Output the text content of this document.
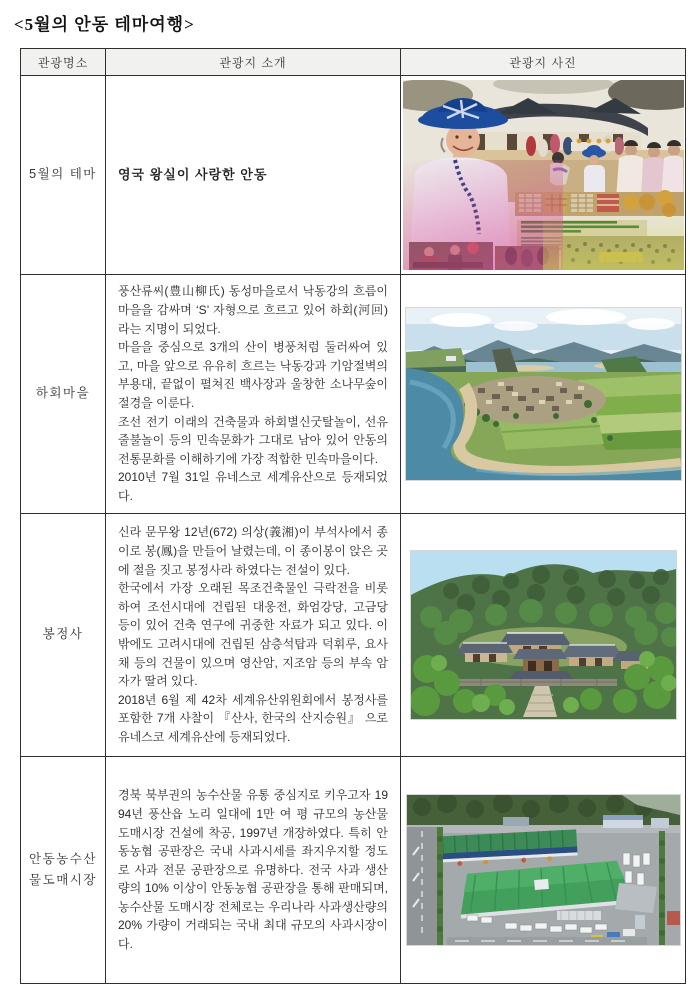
<5월의 안동 테마여행>
관광명소	관광지 소개	관광지 사진
5월의 테마	영국 왕실이 사랑한 안동

하회마을	풍산류씨(豊山柳氏) 동성마을로서 낙동강의 흐름이 마을을 감싸며 ‘S’ 자형으로 흐르고 있어 하회(河回)라는 지명이 되었다.

마을을 중심으로 3개의 산이 병풍처럼 둘러싸여 있고, 마을 앞으로 유유히 흐르는 낙동강과 기암절벽의 부용대, 끝없이 펼쳐진 백사장과 울창한 소나무숲이 절경을 이룬다.

조선 전기 이래의 건축물과 하회별신굿탈놀이, 선유줄불놀이 등의 민속문화가 그대로 남아 있어 안동의 전통문화를 이해하기에 가장 적합한 민속마을이다.

2010년 7월 31일 유네스코 세계유산으로 등재되었다.

봉정사	신라 문무왕 12년(672) 의상(義湘)이 부석사에서 종이로 봉(鳳)을 만들어 날렸는데, 이 종이봉이 앉은 곳에 절을 짓고 봉정사라 하였다는 전설이 있다.

한국에서 가장 오래된 목조건축물인 극락전을 비롯하여 조선시대에 건립된 대웅전, 화엄강당, 고금당 등이 있어 건축 연구에 귀중한 자료가 되고 있다. 이 밖에도 고려시대에 건립된 삼층석탑과 덕휘루, 요사채 등의 건물이 있으며 영산암, 지조암 등의 부속 암자가 딸려 있다.

2018년 6월 제 42차 세계유산위원회에서 봉정사를 포함한 7개 사찰이 『산사, 한국의 산지승원』 으로 유네스코 세계유산에 등재되었다.

안동농수산물도매시장	경북 북부권의 농수산물 유통 중심지로 키우고자 1994년 풍산읍 노리 일대에 1만 여 평 규모의 농산물 도매시장 건설에 착공, 1997년 개장하였다. 특히 안동농협 공판장은 국내 사과시세를 좌지우지할 정도로 사과 전문 공판장으로 유명하다. 전국 사과 생산량의 10% 이상이 안동농협 공판장을 통해 판매되며, 농수산물 도매시장 전체로는 우리나라 사과생산량의 20% 가량이 거래되는 국내 최대 규모의 사과시장이다.
